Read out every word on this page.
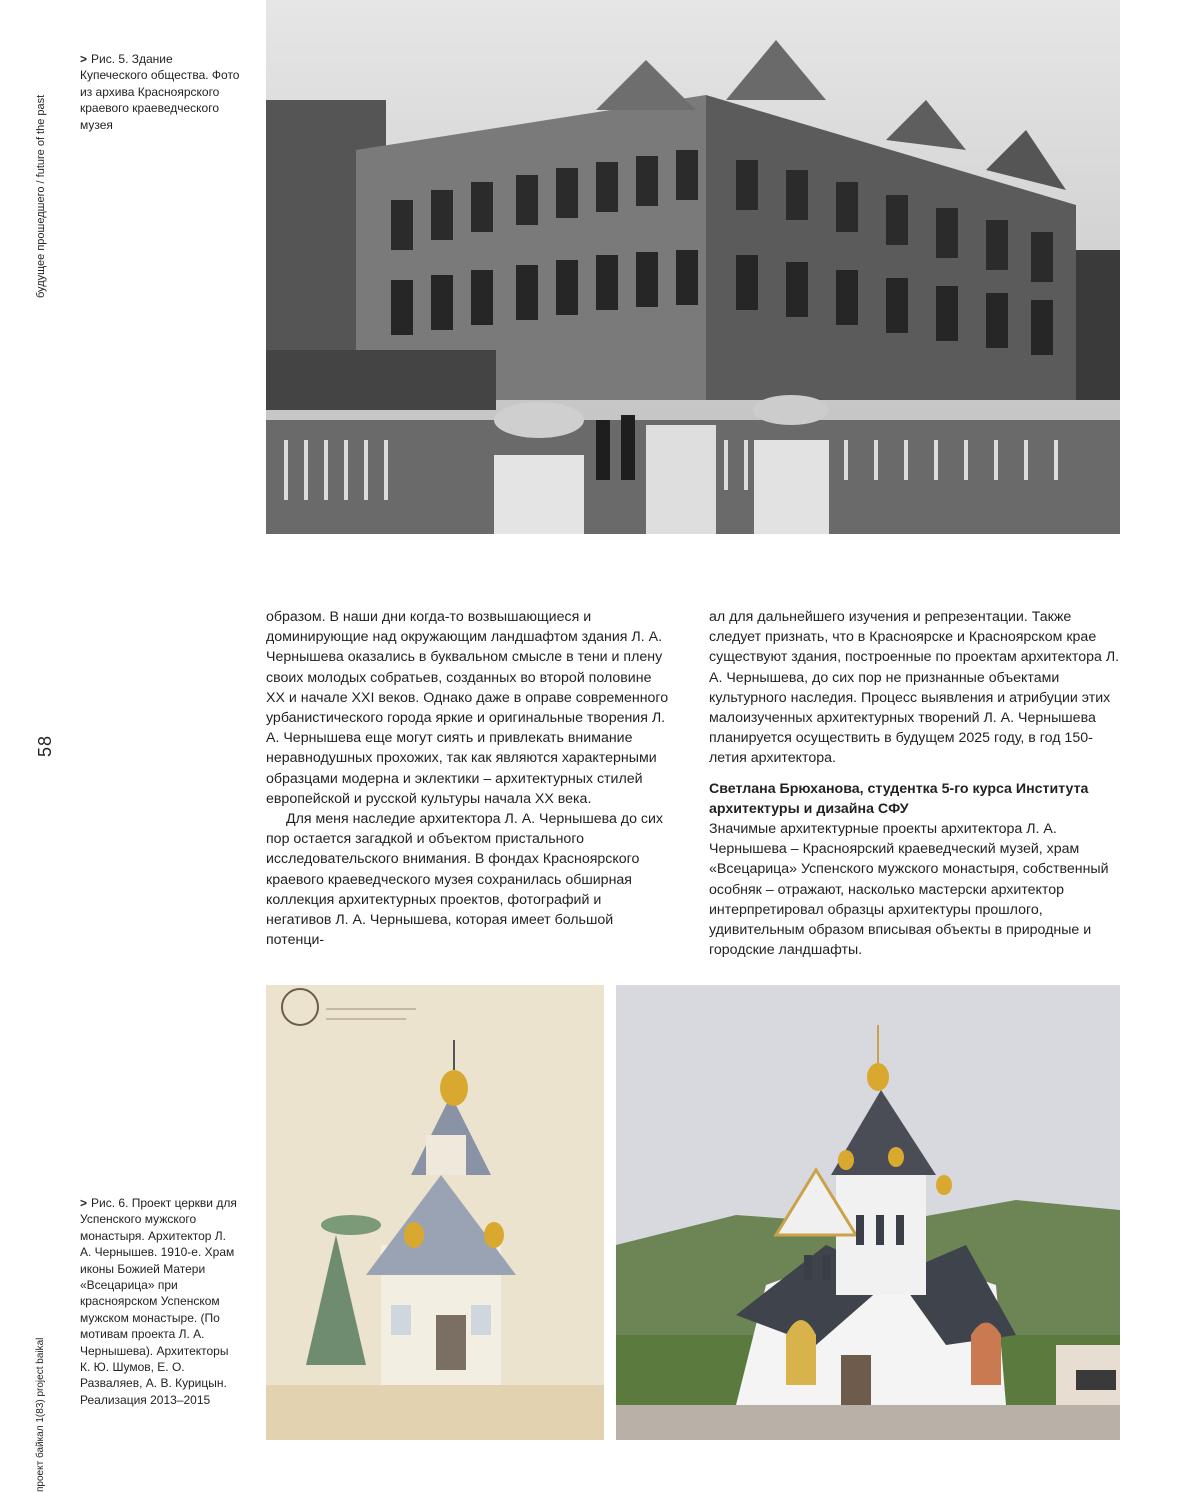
будущее прошедшего / future of the past
58
проект байкал 1(83) project baikal
> Рис. 5. Здание Купеческого общества. Фото из архива Красноярского краевого краеведческого музея

образом. В наши дни когда-то возвышающиеся и доминирующие над окружающим ландшафтом здания Л. А. Чернышева оказались в буквальном смысле в тени и плену своих молодых собратьев, созданных во второй половине XX и начале XXI веков. Однако даже в оправе современного урбанистического города яркие и оригинальные творения Л. А. Чернышева еще могут сиять и привлекать внимание неравнодушных прохожих, так как являются характерными образцами модерна и эклектики – архитектурных стилей европейской и русской культуры начала XX века.

Для меня наследие архитектора Л. А. Чернышева до сих пор остается загадкой и объектом пристального исследовательского внимания. В фондах Красноярского краевого краеведческого музея сохранилась обширная коллекция архитектурных проектов, фотографий и негативов Л. А. Чернышева, которая имеет большой потенци-

ал для дальнейшего изучения и репрезентации. Также следует признать, что в Красноярске и Красноярском крае существуют здания, построенные по проектам архитектора Л. А. Чернышева, до сих пор не признанные объектами культурного наследия. Процесс выявления и атрибуции этих малоизученных архитектурных творений Л. А. Чернышева планируется осуществить в будущем 2025 году, в год 150-летия архитектора.

Светлана Брюханова, студентка 5-го курса Института архитектуры и дизайна СФУ

Значимые архитектурные проекты архитектора Л. А. Чернышева – Красноярский краеведческий музей, храм «Всецарица» Успенского мужского монастыря, собственный особняк – отражают, насколько мастерски архитектор интерпретировал образцы архитектуры прошлого, удивительным образом вписывая объекты в природные и городские ландшафты.

> Рис. 6. Проект церкви для Успенского мужского монастыря. Архитектор Л. А. Чернышев. 1910-е. Храм иконы Божией Матери «Всецарица» при красноярском Успенском мужском монастыре. (По мотивам проекта Л. А. Чернышева). Архитекторы К. Ю. Шумов, Е. О. Разваляев, А. В. Курицын. Реализация 2013–2015
